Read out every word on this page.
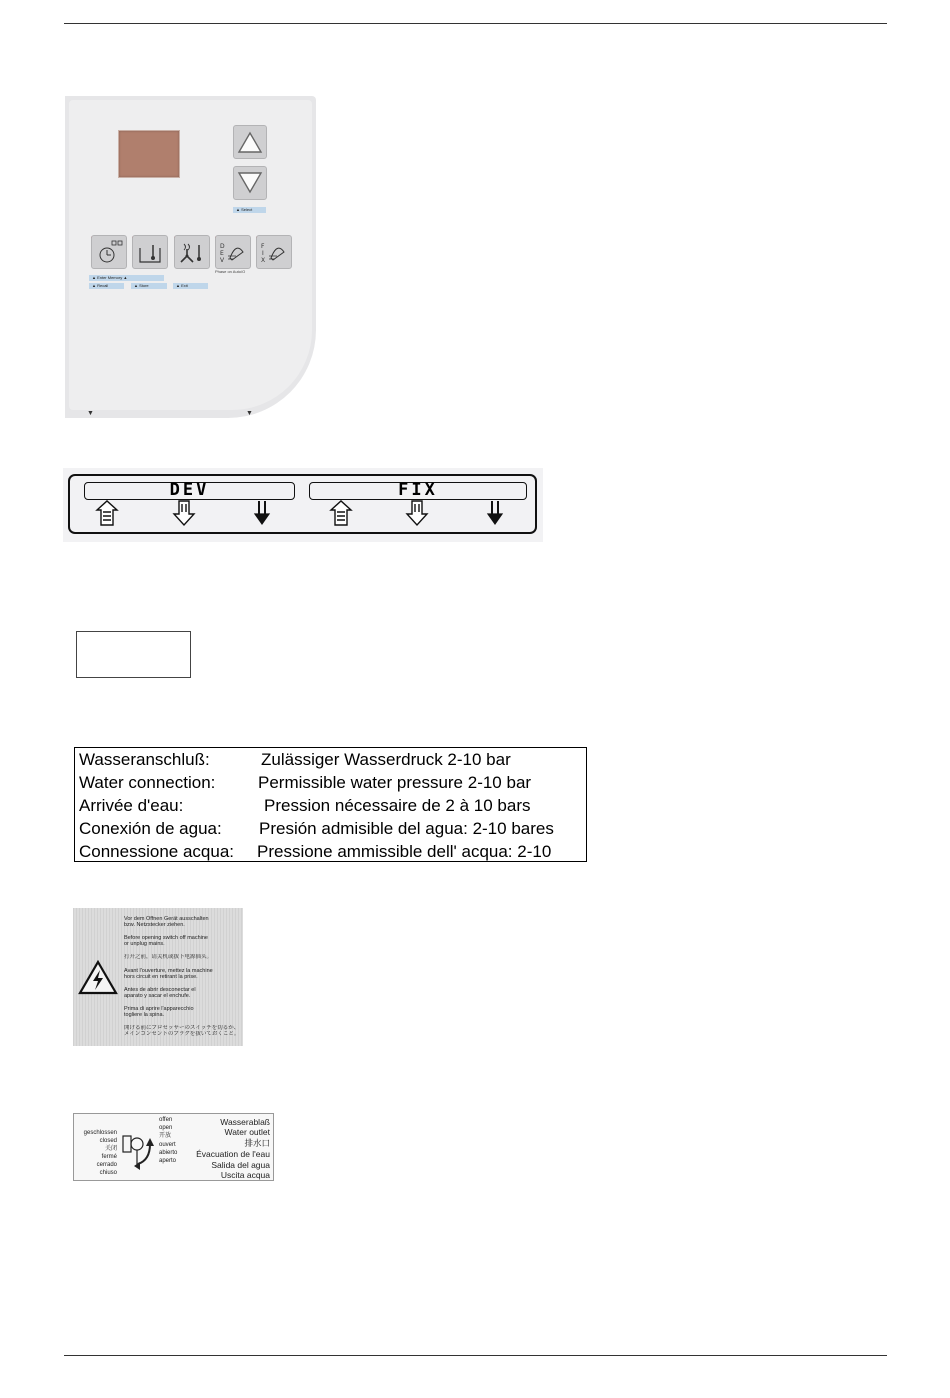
▲ Select
D
E
V
F
I
X
Phase on Auto/O
▲ Enter Memory ▲
▲ Recall	▲ Store	▲ Exit
▼	▼
DEV	FIX
Wasseranschluß:	Zulässiger Wasserdruck 2-10 bar
Water connection:	Permissible water pressure 2-10 bar
Arrivée d'eau:	Pression nécessaire de 2 à 10 bars
Conexión de agua: Presión admisible del agua: 2-10 bares
Connessione acqua: Pressione ammissible dell' acqua: 2-10
Vor dem Öffnen Gerät ausschalten
bzw. Netzstecker ziehen.
Before opening switch off machine
or unplug mains.
打开之前，请关机或拔下电源插头。
Avant l'ouverture, mettez la machine
hors circuit en retirant la prise.
Antes de abrir desconectar el
aparato y sacar el enchufe.
Prima di aprire l'apparecchio
togliere la spina.
開ける前にプロセッサーのスイッチを切るか、
メインコンセントのプラグを抜いておくこと。
geschlossen
closed
关闭
fermé
cerrado
chiuso
offen
open
开放
ouvert
abierto
aperto
Wasserablaß
Water outlet
排水口
Évacuation de l'eau
Salida del agua
Uscita acqua
